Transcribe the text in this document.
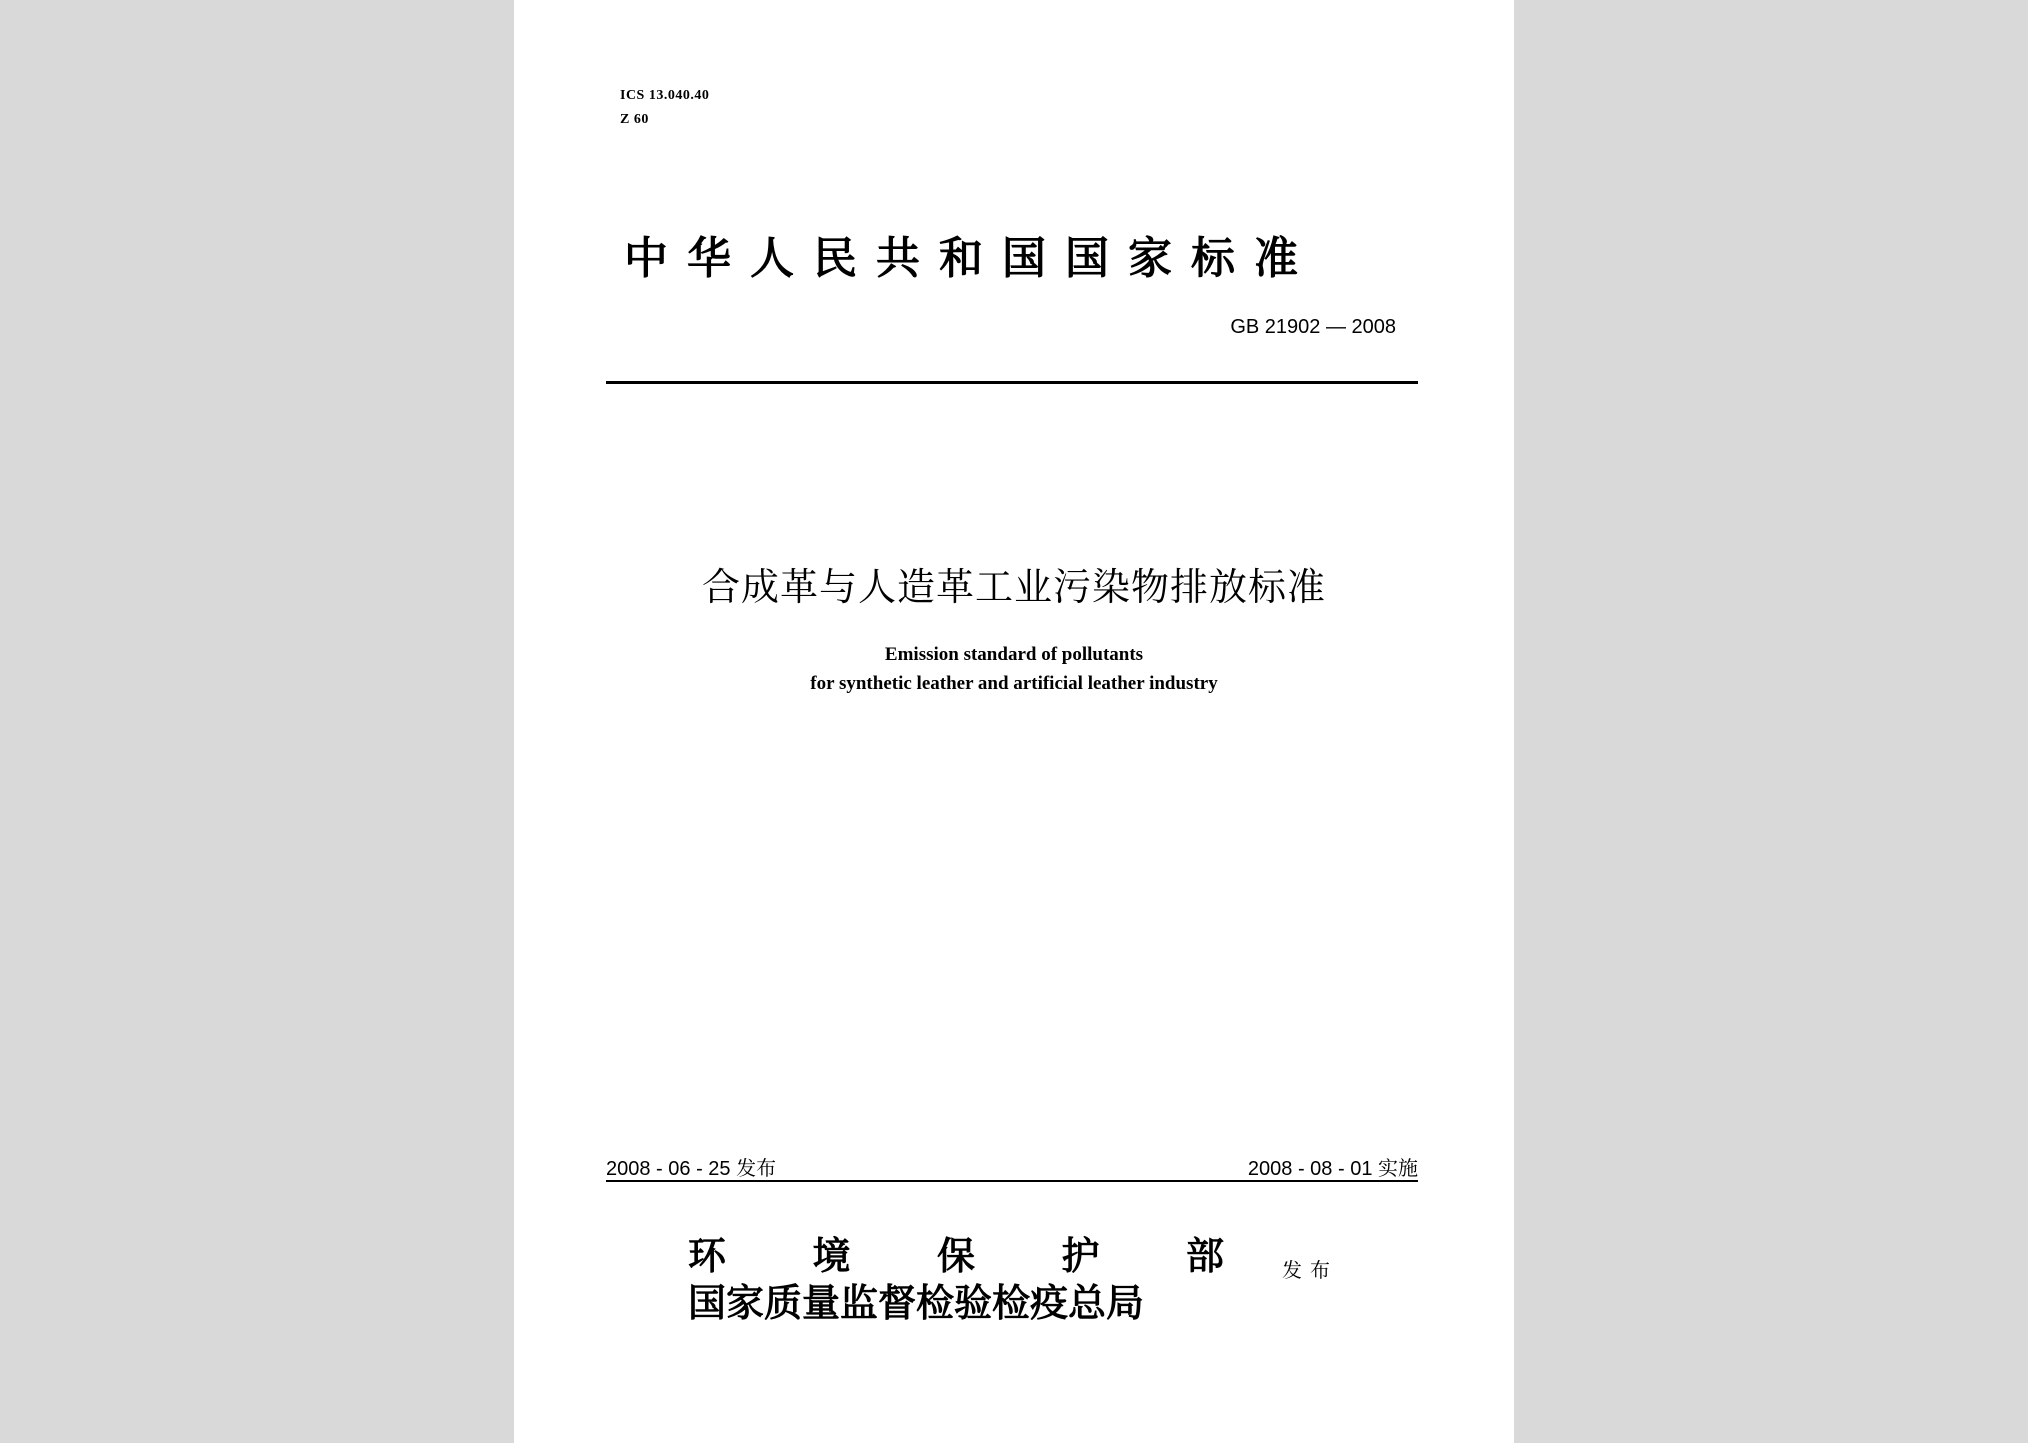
ICS 13.040.40
Z 60
中华人民共和国国家标准
GB 21902 — 2008
合成革与人造革工业污染物排放标准
Emission standard of pollutants
for synthetic leather and artificial leather industry
2008 - 06 - 25 发布	2008 - 08 - 01 实施
环 境 保 护 部
国家质量监督检验检疫总局
发布
